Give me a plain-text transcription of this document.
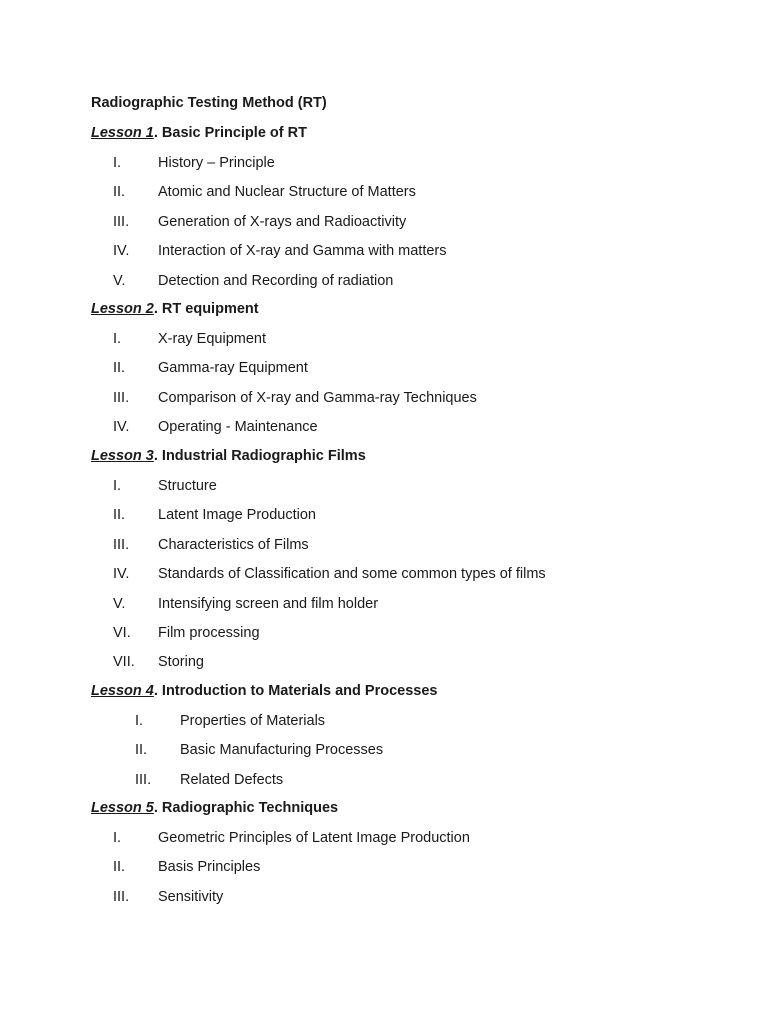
Radiographic Testing Method (RT)
Lesson 1. Basic Principle of RT
I.	History – Principle
II. Atomic and Nuclear Structure of Matters
III. Generation of X-rays and Radioactivity
IV. Interaction of X-ray and Gamma with matters
V. Detection and Recording of radiation
Lesson 2. RT equipment
I.	X-ray Equipment
II. Gamma-ray Equipment
III. Comparison of X-ray and Gamma-ray Techniques
IV. Operating - Maintenance
Lesson 3. Industrial Radiographic Films
I.	Structure
II. Latent Image Production
III. Characteristics of Films
IV. Standards of Classification and some common types of films
V. Intensifying screen and film holder
VI. Film processing
VII. Storing
Lesson 4. Introduction to Materials and Processes
I.	Properties of Materials
II. Basic Manufacturing Processes
III. Related Defects
Lesson 5. Radiographic Techniques
I.	Geometric Principles of Latent Image Production
II. Basis Principles
III. Sensitivity
